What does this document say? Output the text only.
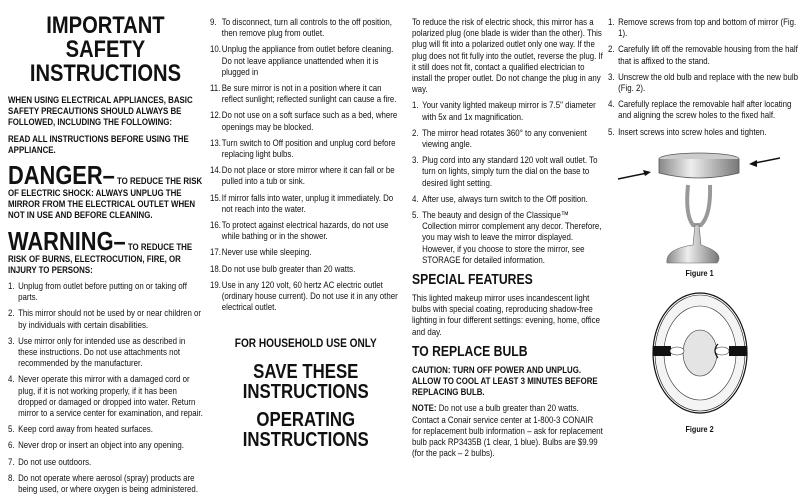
IMPORTANT SAFETY INSTRUCTIONS

WHEN USING ELECTRICAL APPLIANCES, BASIC SAFETY PRECAUTIONS SHOULD ALWAYS BE FOLLOWED, INCLUDING THE FOLLOWING:

READ ALL INSTRUCTIONS BEFORE USING THE APPLIANCE.

DANGER– TO REDUCE THE RISK OF ELECTRIC SHOCK: ALWAYS UNPLUG THE MIRROR FROM THE ELECTRICAL OUTLET WHEN NOT IN USE AND BEFORE CLEANING.

WARNING– TO REDUCE THE RISK OF BURNS, ELECTROCUTION, FIRE, OR INJURY TO PERSONS:

1. Unplug from outlet before putting on or taking off parts.
2. This mirror should not be used by or near children or by individuals with certain disabilities.
3. Use mirror only for intended use as described in these instructions. Do not use attachments not recommended by the manufacturer.
4. Never operate this mirror with a damaged cord or plug, if it is not working properly, if it has been dropped or damaged or dropped into water. Return mirror to a service center for examination, and repair.
5. Keep cord away from heated surfaces.
6. Never drop or insert an object into any opening.
7. Do not use outdoors.
8. Do not operate where aerosol (spray) products are being used, or where oxygen is being administered.
9. To disconnect, turn all controls to the off position, then remove plug from outlet.
10.Unplug the appliance from outlet before cleaning. Do not leave appliance unattended when it is plugged in
11.Be sure mirror is not in a position where it can reflect sunlight; reflected sunlight can cause a fire.
12.Do not use on a soft surface such as a bed, where openings may be blocked.
13.Turn switch to Off position and unplug cord before replacing light bulbs.
14.Do not place or store mirror where it can fall or be pulled into a tub or sink.
15.If mirror falls into water, unplug it immediately. Do not reach into the water.
16.To protect against electrical hazards, do not use while bathing or in the shower.
17.Never use while sleeping.
18.Do not use bulb greater than 20 watts.
19.Use in any 120 volt, 60 hertz AC electric outlet (ordinary house current). Do not use it in any other electrical outlet.
FOR HOUSEHOLD USE ONLY
SAVE THESE INSTRUCTIONS
OPERATING INSTRUCTIONS

To reduce the risk of electric shock, this mirror has a polarized plug (one blade is wider than the other). This plug will fit into a polarized outlet only one way. If the plug does not fit fully into the outlet, reverse the plug. If it still does not fit, contact a qualified electrician to install the proper outlet. Do not change the plug in any way.

1. Your vanity lighted makeup mirror is 7.5" diameter with 5x and 1x magnification.
2. The mirror head rotates 360° to any convenient viewing angle.
3. Plug cord into any standard 120 volt wall outlet. To turn on lights, simply turn the dial on the base to desired light setting.
4. After use, always turn switch to the Off position.
5. The beauty and design of the Classique™ Collection mirror complement any decor. Therefore, you may wish to leave the mirror displayed. However, if you choose to store the mirror, see STORAGE for detailed information.
SPECIAL FEATURES

This lighted makeup mirror uses incandescent light bulbs with special coating, reproducing shadow-free lighting in four different settings: evening, home, office and day.

TO REPLACE BULB

CAUTION: TURN OFF POWER AND UNPLUG. ALLOW TO COOL AT LEAST 3 MINUTES BEFORE REPLACING BULB.

NOTE: Do not use a bulb greater than 20 watts. Contact a Conair service center at 1-800-3 CONAIR for replacement bulb information – ask for replacement bulb pack RP3435B (1 clear, 1 blue). Bulbs are $9.99 (for the pack – 2 bulbs).

1. Remove screws from top and bottom of mirror (Fig. 1).
2. Carefully lift off the removable housing from the half that is affixed to the stand.
3. Unscrew the old bulb and replace with the new bulb (Fig. 2).
4. Carefully replace the removable half after locating and aligning the screw holes to the fixed half.
5. Insert screws into screw holes and tighten.
Figure 1
Figure 2
